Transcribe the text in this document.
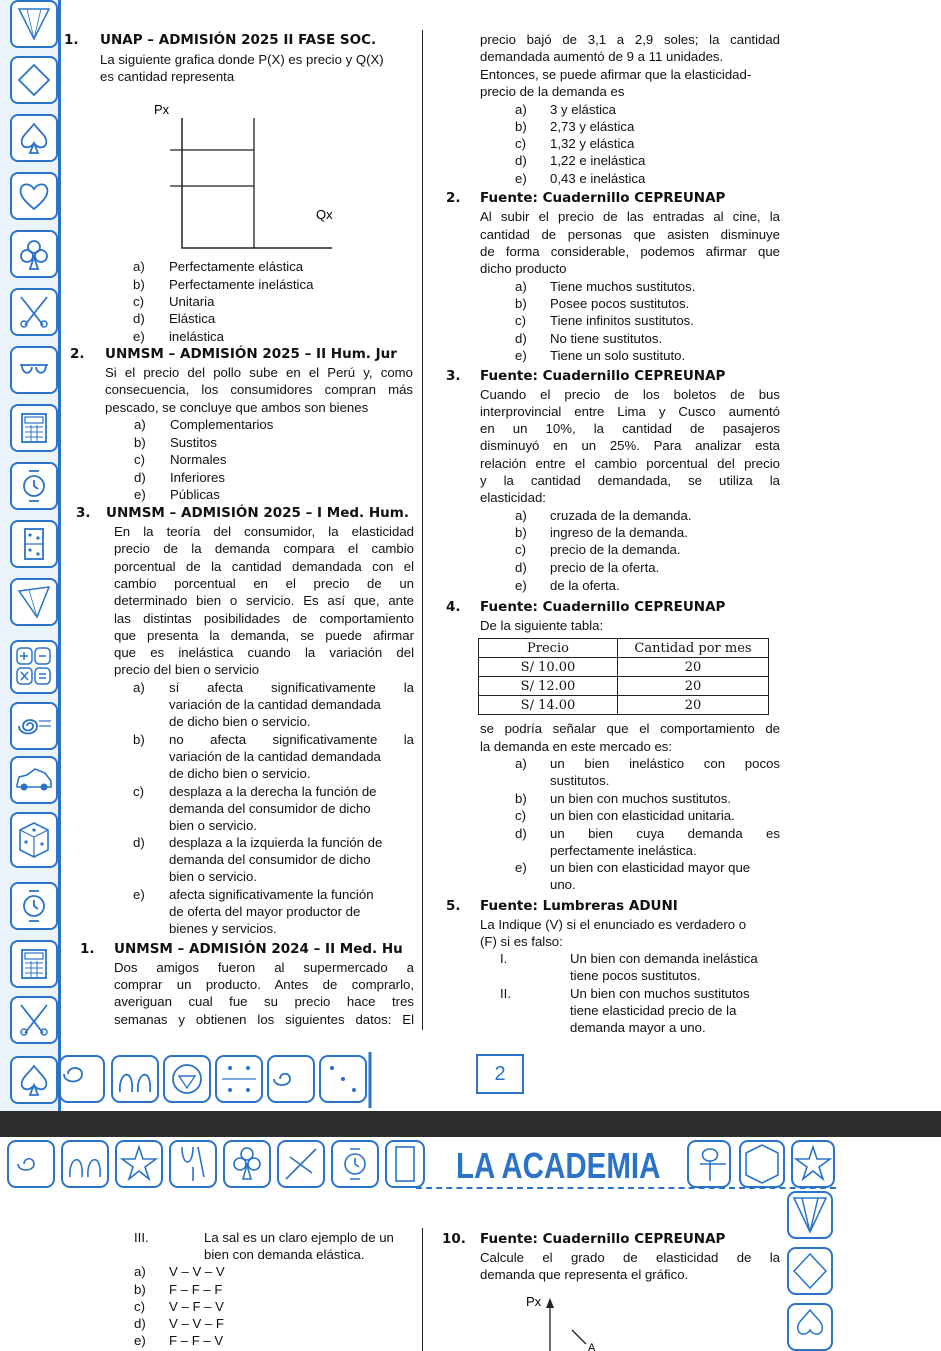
1. UNAP – ADMISIÓN 2025 II FASE SOC.
La siguiente grafica donde P(X) es precio y Q(X)
es cantidad representa
Px
Qx
a) Perfectamente elástica
b) Perfectamente inelástica
c) Unitaria
d) Elástica
e) inelástica
2. UNMSM – ADMISIÓN 2025 – II Hum. Jur
Si el precio del pollo sube en el Perú y, como
consecuencia, los consumidores compran más
pescado, se concluye que ambos son bienes
a) Complementarios
b) Sustitos
c) Normales
d) Inferiores
e) Públicas
3. UNMSM – ADMISIÓN 2025 – I Med. Hum.
En la teoría del consumidor, la elasticidad
precio de la demanda compara el cambio
porcentual de la cantidad demandada con el
cambio porcentual en el precio de un
determinado bien o servicio. Es así que, ante
las distintas posibilidades de comportamiento
que presenta la demanda, se puede afirmar
que es inelástica cuando la variación del
precio del bien o servicio
a) sí afecta significativamente la
variación de la cantidad demandada
de dicho bien o servicio.
b) no afecta significativamente la
variación de la cantidad demandada
de dicho bien o servicio.
c) desplaza a la derecha la función de
demanda del consumidor de dicho
bien o servicio.
d) desplaza a la izquierda la función de
demanda del consumidor de dicho
bien o servicio.
e) afecta significativamente la función
de oferta del mayor productor de
bienes y servicios.
1. UNMSM – ADMISIÓN 2024 – II Med. Hu
Dos amigos fueron al supermercado a
comprar un producto. Antes de comprarlo,
averiguan cual fue su precio hace tres
semanas y obtienen los siguientes datos: El
precio bajó de 3,1 a 2,9 soles; la cantidad
demandada aumentó de 9 a 11 unidades.
Entonces, se puede afirmar que la elasticidad-
precio de la demanda es
a) 3 y elástica
b) 2,73 y elástica
c) 1,32 y elástica
d) 1,22 e inelástica
e) 0,43 e inelástica
2. Fuente: Cuadernillo CEPREUNAP
Al subir el precio de las entradas al cine, la
cantidad de personas que asisten disminuye
de forma considerable, podemos afirmar que
dicho producto
a) Tiene muchos sustitutos.
b) Posee pocos sustitutos.
c) Tiene infinitos sustitutos.
d) No tiene sustitutos.
e) Tiene un solo sustituto.
3. Fuente: Cuadernillo CEPREUNAP
Cuando el precio de los boletos de bus
interprovincial entre Lima y Cusco aumentó
en un 10%, la cantidad de pasajeros
disminuyó en un 25%. Para analizar esta
relación entre el cambio porcentual del precio
y la cantidad demandada, se utiliza la
elasticidad:
a) cruzada de la demanda.
b) ingreso de la demanda.
c) precio de la demanda.
d) precio de la oferta.
e) de la oferta.
4. Fuente: Cuadernillo CEPREUNAP
De la siguiente tabla:
Precio	Cantidad por mes
S/ 10.00	20
S/ 12.00	20
S/ 14.00	20
se podría señalar que el comportamiento de
la demanda en este mercado es:
a) un bien inelástico con pocos
sustitutos.
b) un bien con muchos sustitutos.
c) un bien con elasticidad unitaria.
d) un bien cuya demanda es
perfectamente inelástica.
e) un bien con elasticidad mayor que
uno.
5. Fuente: Lumbreras ADUNI
La Indique (V) si el enunciado es verdadero o
(F) si es falso:
I.	Un bien con demanda inelástica
tiene pocos sustitutos.
II.	Un bien con muchos sustitutos
tiene elasticidad precio de la
demanda mayor a uno.
2
LA ACADEMIA
III.	La sal es un claro ejemplo de un
bien con demanda elástica.
a) V – V – V
b) F – F – F
c) V – F – V
d) V – V – F
e) F – F – V
10. Fuente: Cuadernillo CEPREUNAP
Calcule el grado de elasticidad de la
demanda que representa el gráfico.
Px
A
